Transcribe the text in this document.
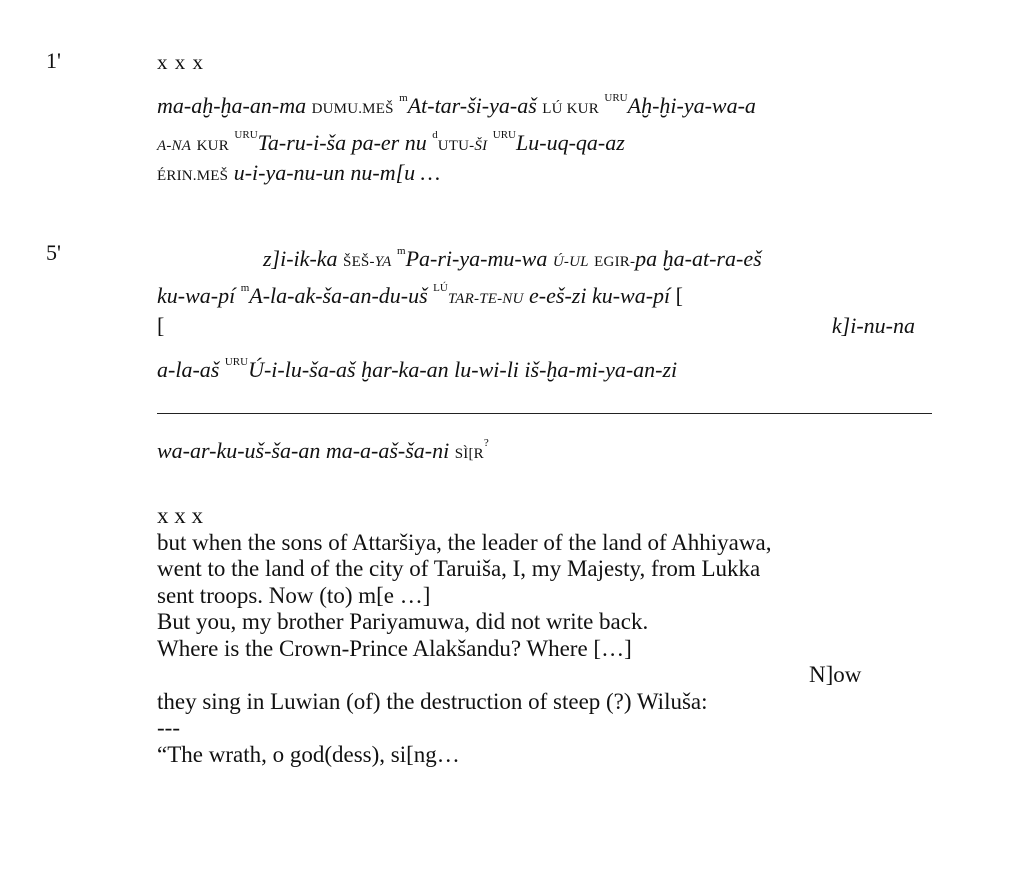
1'
5'
x x x
ma-aḫ-ḫa-an-ma DUMU.MEŠ $^m$At-tar-ši-ya-aš LÚ KUR $^{URU}$Aḫ-ḫi-ya-wa-a
A-NA KUR $^{URU}$Ta-ru-i-ša pa-er nu $^d$UTU-ŠI $^{URU}$Lu-uq-qa-az
ÉRIN.MEŠ u-i-ya-nu-un nu-m[u …
z]i-ik-ka ŠEŠ-YA $^m$Pa-ri-ya-mu-wa Ú-UL EGIR-pa ḫa-at-ra-eš
ku-wa-pí $^m$A-la-ak-ša-an-du-uš $^{LÚ}$TAR-TE-NU e-eš-zi ku-wa-pí [
[	k]i-nu-na
a-la-aš $^{URU}$Ú-i-lu-ša-aš ḫar-ka-an lu-wi-li iš-ḫa-mi-ya-an-zi
wa-ar-ku-uš-ša-an ma-a-aš-ša-ni SÌ[R?
x x x
but when the sons of Attaršiya, the leader of the land of Ahhiyawa,
went to the land of the city of Taruiša, I, my Majesty, from Lukka
sent troops. Now (to) m[e …]
But you, my brother Pariyamuwa, did not write back.
Where is the Crown-Prince Alakšandu? Where […]
N]ow
they sing in Luwian (of) the destruction of steep (?) Wiluša:
---
“The wrath, o god(dess), si[ng…
